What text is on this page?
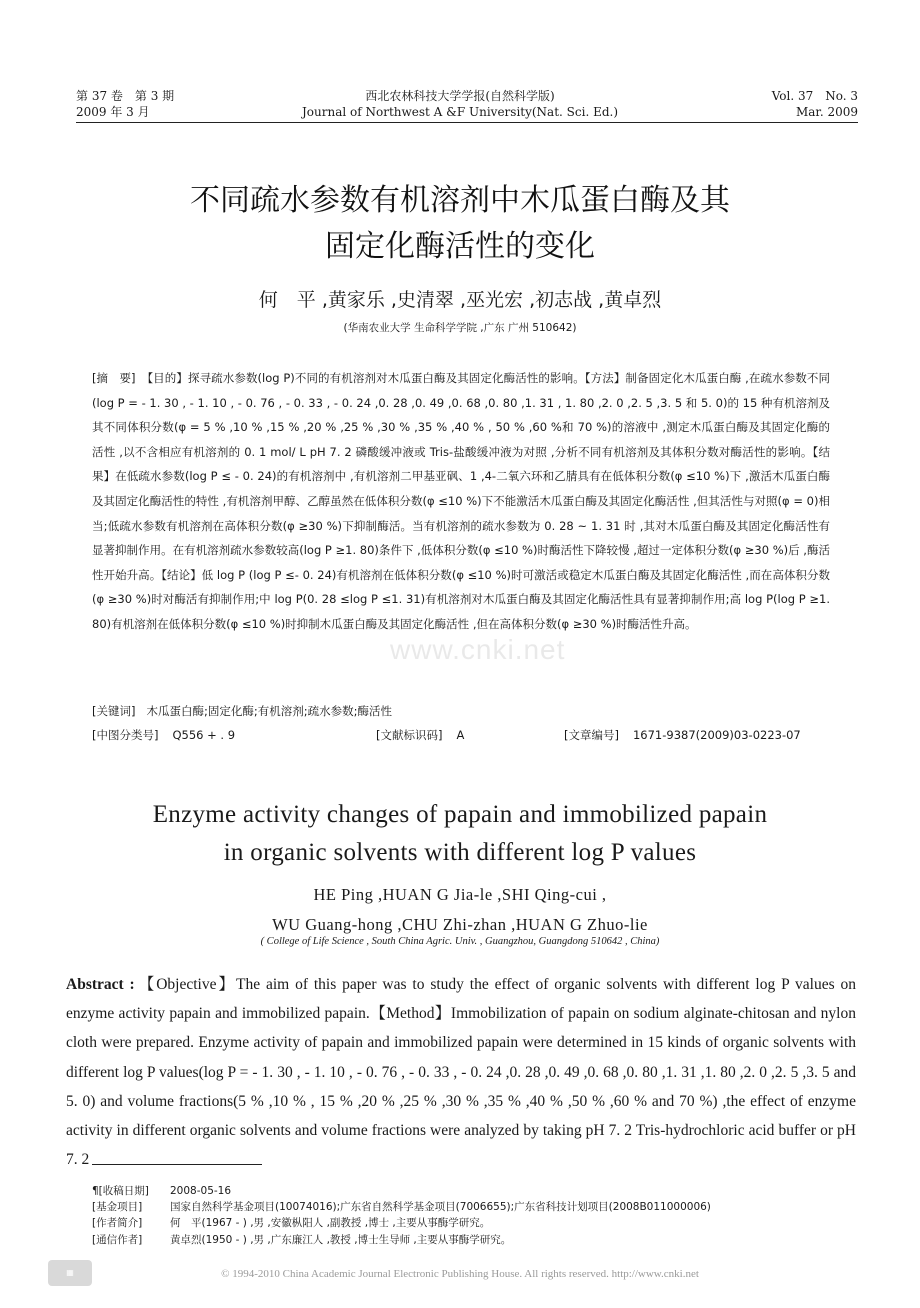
第 37 卷　第 3 期
2009 年 3 月
西北农林科技大学学报(自然科学版)
Journal of Northwest A &F University(Nat. Sci. Ed.)
Vol. 37　No. 3
Mar. 2009
不同疏水参数有机溶剂中木瓜蛋白酶及其
固定化酶活性的变化
何　平 ,黄家乐 ,史清翠 ,巫光宏 ,初志战 ,黄卓烈
(华南农业大学 生命科学学院 ,广东 广州 510642)
www.cnki.net
[摘　要] 【目的】探寻疏水参数(log P)不同的有机溶剂对木瓜蛋白酶及其固定化酶活性的影响。【方法】制备固定化木瓜蛋白酶 ,在疏水参数不同(log P = - 1. 30 , - 1. 10 , - 0. 76 , - 0. 33 , - 0. 24 ,0. 28 ,0. 49 ,0. 68 ,0. 80 ,1. 31 , 1. 80 ,2. 0 ,2. 5 ,3. 5 和 5. 0)的 15 种有机溶剂及其不同体积分数(φ = 5 % ,10 % ,15 % ,20 % ,25 % ,30 % ,35 % ,40 % , 50 % ,60 %和 70 %)的溶液中 ,测定木瓜蛋白酶及其固定化酶的活性 ,以不含相应有机溶剂的 0. 1 mol/ L pH 7. 2 磷酸缓冲液或 Tris-盐酸缓冲液为对照 ,分析不同有机溶剂及其体积分数对酶活性的影响。【结果】在低疏水参数(log P ≤ - 0. 24)的有机溶剂中 ,有机溶剂二甲基亚砜、1 ,4-二氧六环和乙腈具有在低体积分数(φ ≤10 %)下 ,激活木瓜蛋白酶及其固定化酶活性的特性 ,有机溶剂甲醇、乙醇虽然在低体积分数(φ ≤10 %)下不能激活木瓜蛋白酶及其固定化酶活性 ,但其活性与对照(φ = 0)相当;低疏水参数有机溶剂在高体积分数(φ ≥30 %)下抑制酶活。当有机溶剂的疏水参数为 0. 28 ~ 1. 31 时 ,其对木瓜蛋白酶及其固定化酶活性有显著抑制作用。在有机溶剂疏水参数较高(log P ≥1. 80)条件下 ,低体积分数(φ ≤10 %)时酶活性下降较慢 ,超过一定体积分数(φ ≥30 %)后 ,酶活性开始升高。【结论】低 log P (log P ≤- 0. 24)有机溶剂在低体积分数(φ ≤10 %)时可激活或稳定木瓜蛋白酶及其固定化酶活性 ,而在高体积分数(φ ≥30 %)时对酶活有抑制作用;中 log P(0. 28 ≤log P ≤1. 31)有机溶剂对木瓜蛋白酶及其固定化酶活性具有显著抑制作用;高 log P(log P ≥1. 80)有机溶剂在低体积分数(φ ≤10 %)时抑制木瓜蛋白酶及其固定化酶活性 ,但在高体积分数(φ ≥30 %)时酶活性升高。
[关键词] 木瓜蛋白酶;固定化酶;有机溶剂;疏水参数;酶活性
[中图分类号] Q556 + . 9	[文献标识码] A	[文章编号] 1671-9387(2009)03-0223-07
Enzyme activity changes of papain and immobilized papain
in organic solvents with different log P values
HE Ping ,HUAN G Jia-le ,SHI Qing-cui ,
WU Guang-hong ,CHU Zhi-zhan ,HUAN G Zhuo-lie
( College of Life Science , South China Agric. Univ. , Guangzhou, Guangdong 510642 , China)
Abstract : 【Objective】The aim of this paper was to study the effect of organic solvents with different log P values on enzyme activity papain and immobilized papain.【Method】Immobilization of papain on sodium alginate-chitosan and nylon cloth were prepared. Enzyme activity of papain and immobilized papain were determined in 15 kinds of organic solvents with different log P values(log P = - 1. 30 , - 1. 10 , - 0. 76 , - 0. 33 , - 0. 24 ,0. 28 ,0. 49 ,0. 68 ,0. 80 ,1. 31 ,1. 80 ,2. 0 ,2. 5 ,3. 5 and 5. 0) and volume fractions(5 % ,10 % , 15 % ,20 % ,25 % ,30 % ,35 % ,40 % ,50 % ,60 % and 70 %) ,the effect of enzyme activity in different organic solvents and volume fractions were analyzed by taking pH 7. 2 Tris-hydrochloric acid buffer or pH 7. 2
¶[收稿日期]	2008-05-16
[基金项目]	国家自然科学基金项目(10074016);广东省自然科学基金项目(7006655);广东省科技计划项目(2008B011000006)
[作者简介]	何　平(1967 - ) ,男 ,安徽枞阳人 ,副教授 ,博士 ,主要从事酶学研究。
[通信作者]	黄卓烈(1950 - ) ,男 ,广东廉江人 ,教授 ,博士生导师 ,主要从事酶学研究。
▦	© 1994-2010 China Academic Journal Electronic Publishing House. All rights reserved. http://www.cnki.net
